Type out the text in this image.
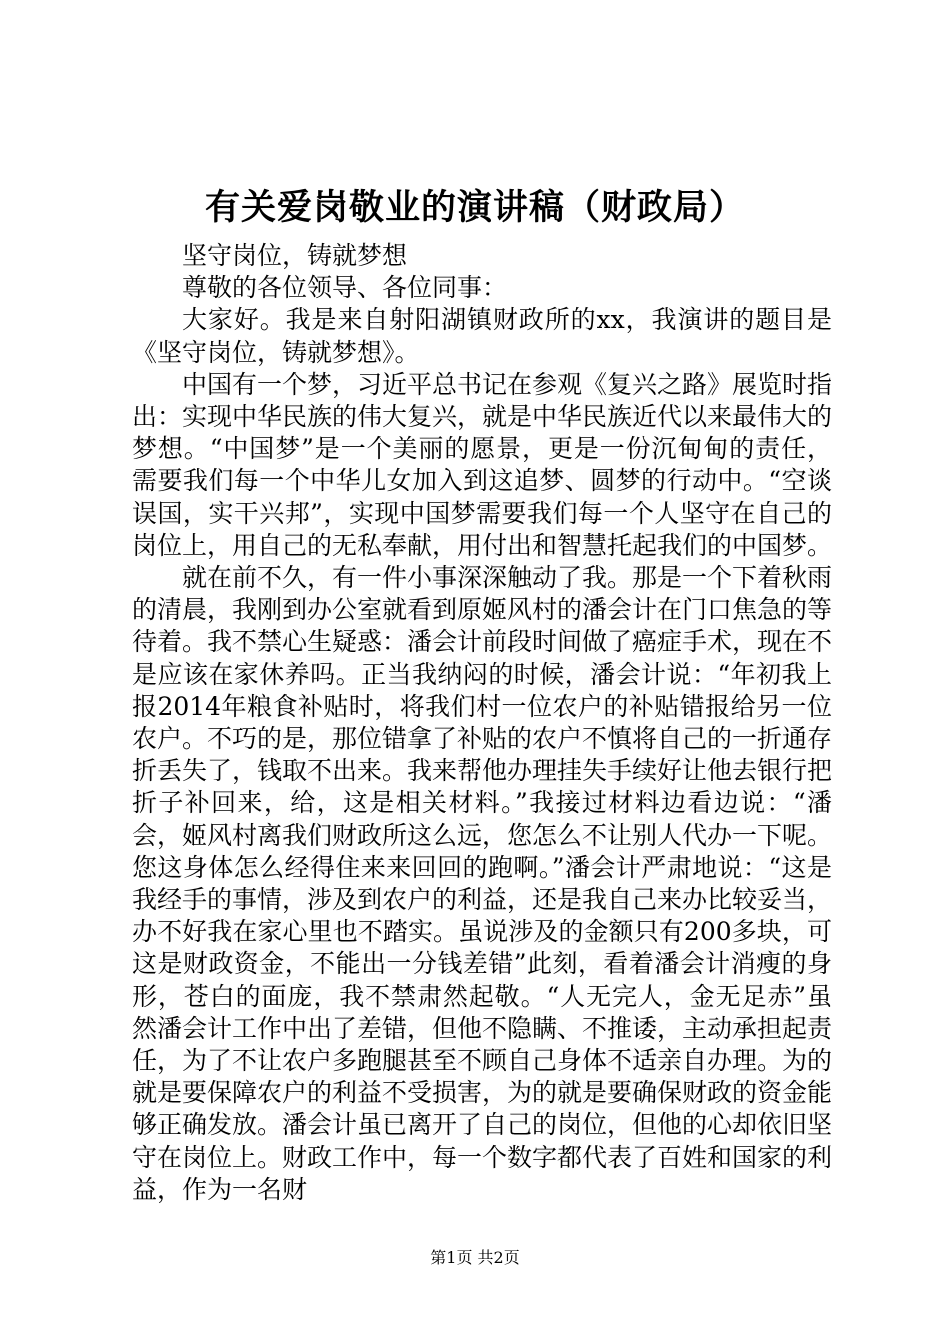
有关爱岗敬业的演讲稿（财政局）

坚守岗位，铸就梦想

尊敬的各位领导、各位同事：

大家好。我是来自射阳湖镇财政所的xx，我演讲的题目是《坚守岗位，铸就梦想》。

中国有一个梦，习近平总书记在参观《复兴之路》展览时指出：实现中华民族的伟大复兴，就是中华民族近代以来最伟大的梦想。“中国梦”是一个美丽的愿景，更是一份沉甸甸的责任，需要我们每一个中华儿女加入到这追梦、圆梦的行动中。“空谈误国，实干兴邦”，实现中国梦需要我们每一个人坚守在自己的岗位上，用自己的无私奉献，用付出和智慧托起我们的中国梦。

就在前不久，有一件小事深深触动了我。那是一个下着秋雨的清晨，我刚到办公室就看到原姬风村的潘会计在门口焦急的等待着。我不禁心生疑惑：潘会计前段时间做了癌症手术，现在不是应该在家休养吗。正当我纳闷的时候，潘会计说：“年初我上报2014年粮食补贴时，将我们村一位农户的补贴错报给另一位农户。不巧的是，那位错拿了补贴的农户不慎将自己的一折通存折丢失了，钱取不出来。我来帮他办理挂失手续好让他去银行把折子补回来，给，这是相关材料。”我接过材料边看边说：“潘会，姬风村离我们财政所这么远，您怎么不让别人代办一下呢。您这身体怎么经得住来来回回的跑啊。”潘会计严肃地说：“这是我经手的事情，涉及到农户的利益，还是我自己来办比较妥当，办不好我在家心里也不踏实。虽说涉及的金额只有200多块，可这是财政资金，不能出一分钱差错”此刻，看着潘会计消瘦的身形，苍白的面庞，我不禁肃然起敬。“人无完人，金无足赤”虽然潘会计工作中出了差错，但他不隐瞒、不推诿，主动承担起责任，为了不让农户多跑腿甚至不顾自己身体不适亲自办理。为的就是要保障农户的利益不受损害，为的就是要确保财政的资金能够正确发放。潘会计虽已离开了自己的岗位，但他的心却依旧坚守在岗位上。财政工作中，每一个数字都代表了百姓和国家的利益，作为一名财

第1页 共2页
